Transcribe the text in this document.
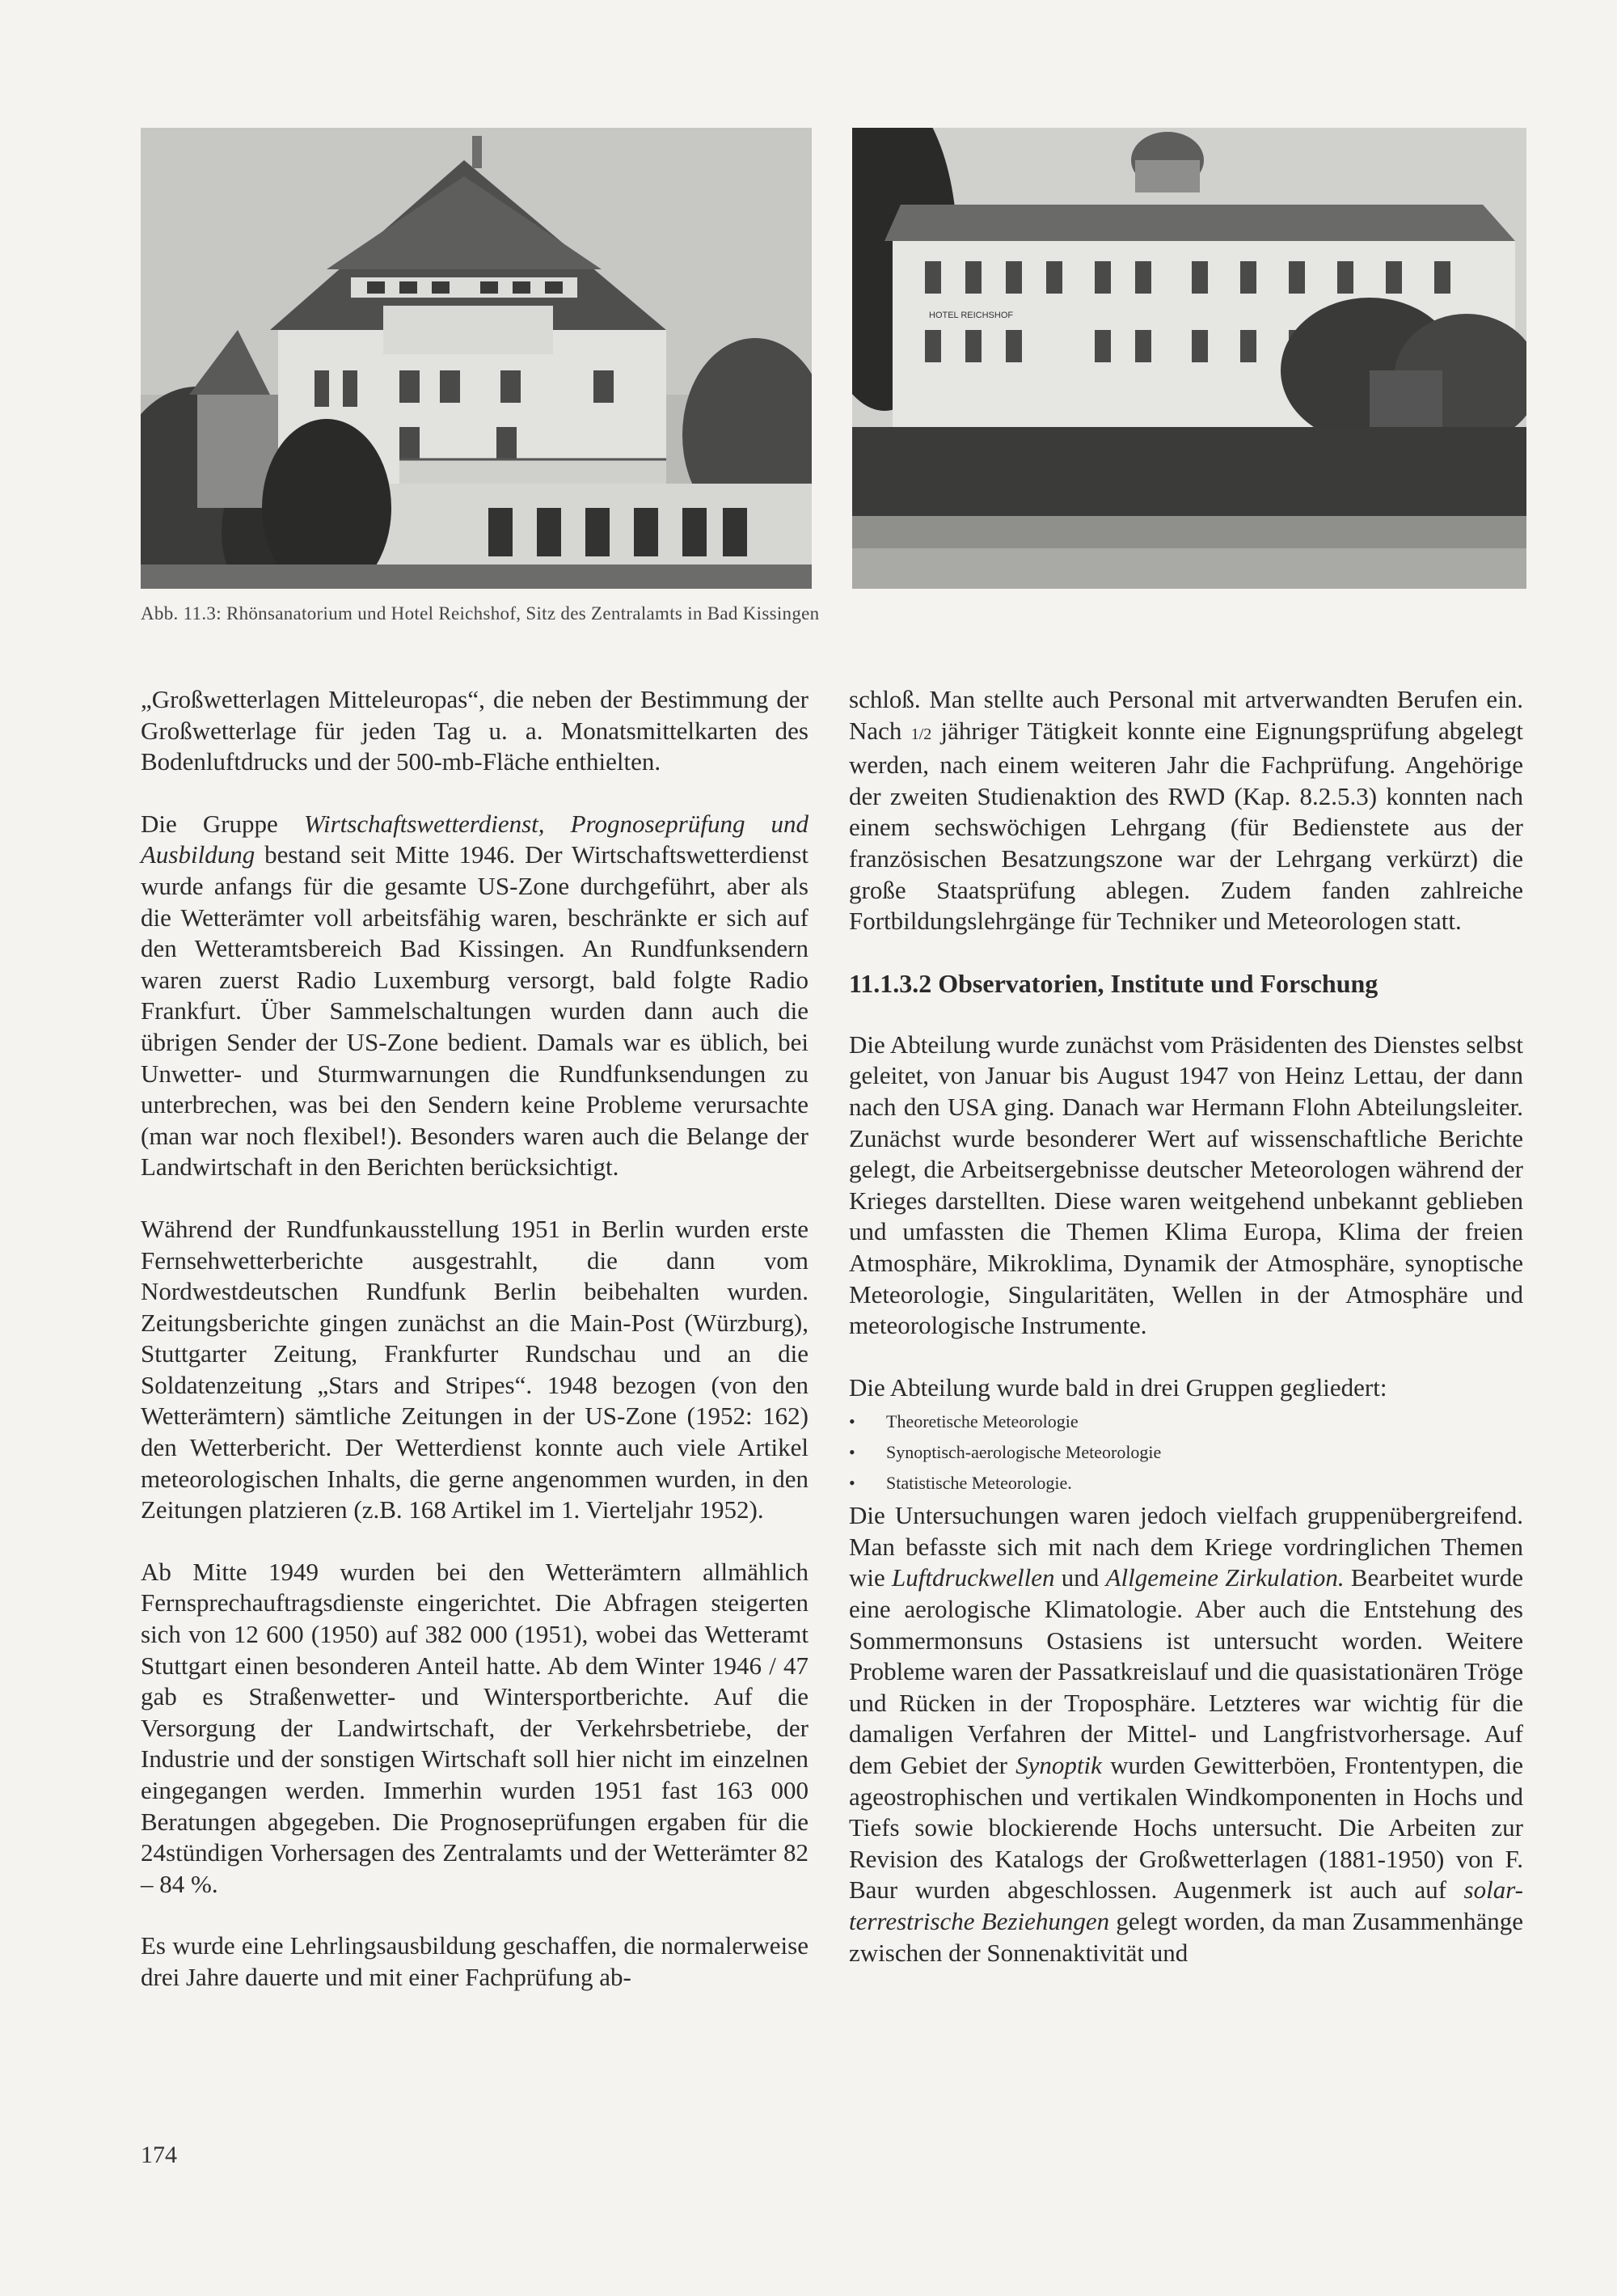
HOTEL REICHSHOF
Abb. 11.3: Rhönsanatorium und Hotel Reichshof, Sitz des Zentralamts in Bad Kissingen

„Großwetterlagen Mitteleuropas“, die neben der Bestimmung der Großwetterlage für jeden Tag u. a. Monatsmittelkarten des Bodenluftdrucks und der 500-mb-Fläche enthielten.

Die Gruppe Wirtschaftswetterdienst, Prognoseprüfung und Ausbildung bestand seit Mitte 1946. Der Wirtschaftswetterdienst wurde anfangs für die gesamte US-Zone durchgeführt, aber als die Wetterämter voll arbeitsfähig waren, beschränkte er sich auf den Wetteramtsbereich Bad Kissingen. An Rundfunksendern waren zuerst Radio Luxemburg versorgt, bald folgte Radio Frankfurt. Über Sammelschaltungen wurden dann auch die übrigen Sender der US-Zone bedient. Damals war es üblich, bei Unwetter- und Sturmwarnungen die Rundfunksendungen zu unterbrechen, was bei den Sendern keine Probleme verursachte (man war noch flexibel!). Besonders waren auch die Belange der Landwirtschaft in den Berichten berücksichtigt.

Während der Rundfunkausstellung 1951 in Berlin wurden erste Fernsehwetterberichte ausgestrahlt, die dann vom Nordwestdeutschen Rundfunk Berlin beibehalten wurden. Zeitungsberichte gingen zunächst an die Main-Post (Würzburg), Stuttgarter Zeitung, Frankfurter Rundschau und an die Soldatenzeitung „Stars and Stripes“. 1948 bezogen (von den Wetterämtern) sämtliche Zeitungen in der US-Zone (1952: 162) den Wetterbericht. Der Wetterdienst konnte auch viele Artikel meteorologischen Inhalts, die gerne angenommen wurden, in den Zeitungen platzieren (z.B. 168 Artikel im 1. Vierteljahr 1952).

Ab Mitte 1949 wurden bei den Wetterämtern allmählich Fernsprechauftragsdienste eingerichtet. Die Abfragen steigerten sich von 12 600 (1950) auf 382 000 (1951), wobei das Wetteramt Stuttgart einen besonderen Anteil hatte. Ab dem Winter 1946 / 47 gab es Straßenwetter- und Wintersportberichte. Auf die Versorgung der Landwirtschaft, der Verkehrsbetriebe, der Industrie und der sonstigen Wirtschaft soll hier nicht im einzelnen eingegangen werden. Immerhin wurden 1951 fast 163 000 Beratungen abgegeben. Die Prognoseprüfungen ergaben für die 24stündigen Vorhersagen des Zentralamts und der Wetterämter 82 – 84 %.

Es wurde eine Lehrlingsausbildung geschaffen, die normalerweise drei Jahre dauerte und mit einer Fachprüfung ab-

schloß. Man stellte auch Personal mit artverwandten Berufen ein. Nach 1/2 jähriger Tätigkeit konnte eine Eignungsprüfung abgelegt werden, nach einem weiteren Jahr die Fachprüfung. Angehörige der zweiten Studienaktion des RWD (Kap. 8.2.5.3) konnten nach einem sechswöchigen Lehrgang (für Bedienstete aus der französischen Besatzungszone war der Lehrgang verkürzt) die große Staatsprüfung ablegen. Zudem fanden zahlreiche Fortbildungslehrgänge für Techniker und Meteorologen statt.

11.1.3.2 Observatorien, Institute und Forschung

Die Abteilung wurde zunächst vom Präsidenten des Dienstes selbst geleitet, von Januar bis August 1947 von Heinz Lettau, der dann nach den USA ging. Danach war Hermann Flohn Abteilungsleiter. Zunächst wurde besonderer Wert auf wissenschaftliche Berichte gelegt, die Arbeitsergebnisse deutscher Meteorologen während der Krieges darstellten. Diese waren weitgehend unbekannt geblieben und umfassten die Themen Klima Europa, Klima der freien Atmosphäre, Mikroklima, Dynamik der Atmosphäre, synoptische Meteorologie, Singularitäten, Wellen in der Atmosphäre und meteorologische Instrumente.

Die Abteilung wurde bald in drei Gruppen gegliedert:

• Theoretische Meteorologie
• Synoptisch-aerologische Meteorologie
• Statistische Meteorologie.

Die Untersuchungen waren jedoch vielfach gruppenübergreifend. Man befasste sich mit nach dem Kriege vordringlichen Themen wie Luftdruckwellen und Allgemeine Zirkulation. Bearbeitet wurde eine aerologische Klimatologie. Aber auch die Entstehung des Sommermonsuns Ostasiens ist untersucht worden. Weitere Probleme waren der Passatkreislauf und die quasistationären Tröge und Rücken in der Troposphäre. Letzteres war wichtig für die damaligen Verfahren der Mittel- und Langfristvorhersage. Auf dem Gebiet der Synoptik wurden Gewitterböen, Frontentypen, die ageostrophischen und vertikalen Windkomponenten in Hochs und Tiefs sowie blockierende Hochs untersucht. Die Arbeiten zur Revision des Katalogs der Großwetterlagen (1881-1950) von F. Baur wurden abgeschlossen. Augenmerk ist auch auf solar-terrestrische Beziehungen gelegt worden, da man Zusammenhänge zwischen der Sonnenaktivität und

174
